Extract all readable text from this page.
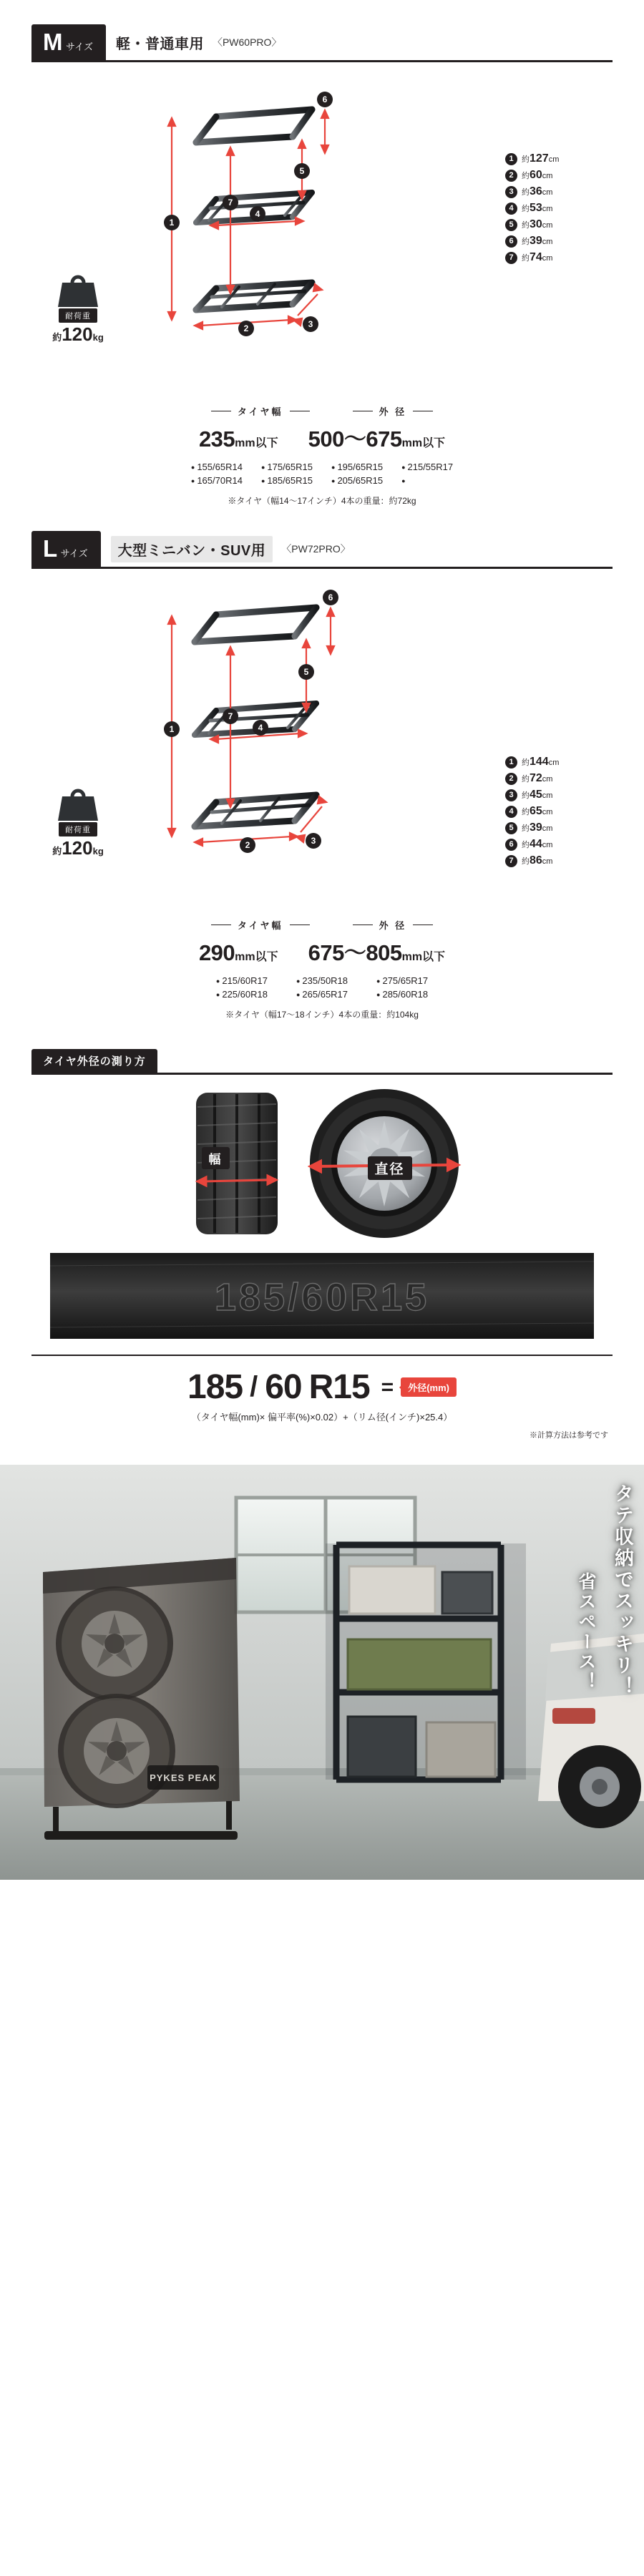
M サイズ 軽・普通車用 〈PW60PRO〉
1
2	3
4
5
6
7
耐荷重
約120kg
1	約127cm
2	約60cm
3	約36cm
4	約53cm
5	約30cm
6	約39cm
7	約74cm
タイヤ幅	外 径
235mm以下 500〜675mm以下
● 155/65R14	● 175/65R15	● 195/65R15	● 215/55R17
● 165/70R14	● 185/65R15	● 205/65R15
●
※タイヤ（幅14〜17インチ）4本の重量：約72kg
L サイズ	大型ミニバン・SUV用	〈PW72PRO〉
1
2	3
4
5
6
7
耐荷重
約120kg
1	約144cm
2	約72cm
3	約45cm
4	約65cm
5	約39cm
6	約44cm
7	約86cm
タイヤ幅	外 径
290mm以下 675〜805mm以下
● 215/60R17	● 235/50R18	● 275/65R17
● 225/60R18	● 265/65R17	● 285/60R18
※タイヤ（幅17〜18インチ）4本の重量：約104kg
タイヤ外径の測り方
幅
直径
185/60R15
185 / 60 R15 =	外径(mm)
（タイヤ幅(mm)× 偏平率(%)×0.02）+（リム径(インチ)×25.4）
※計算方法は参考です
PYKES PEAK
タテ収納でスッキリ！
省スペース！
